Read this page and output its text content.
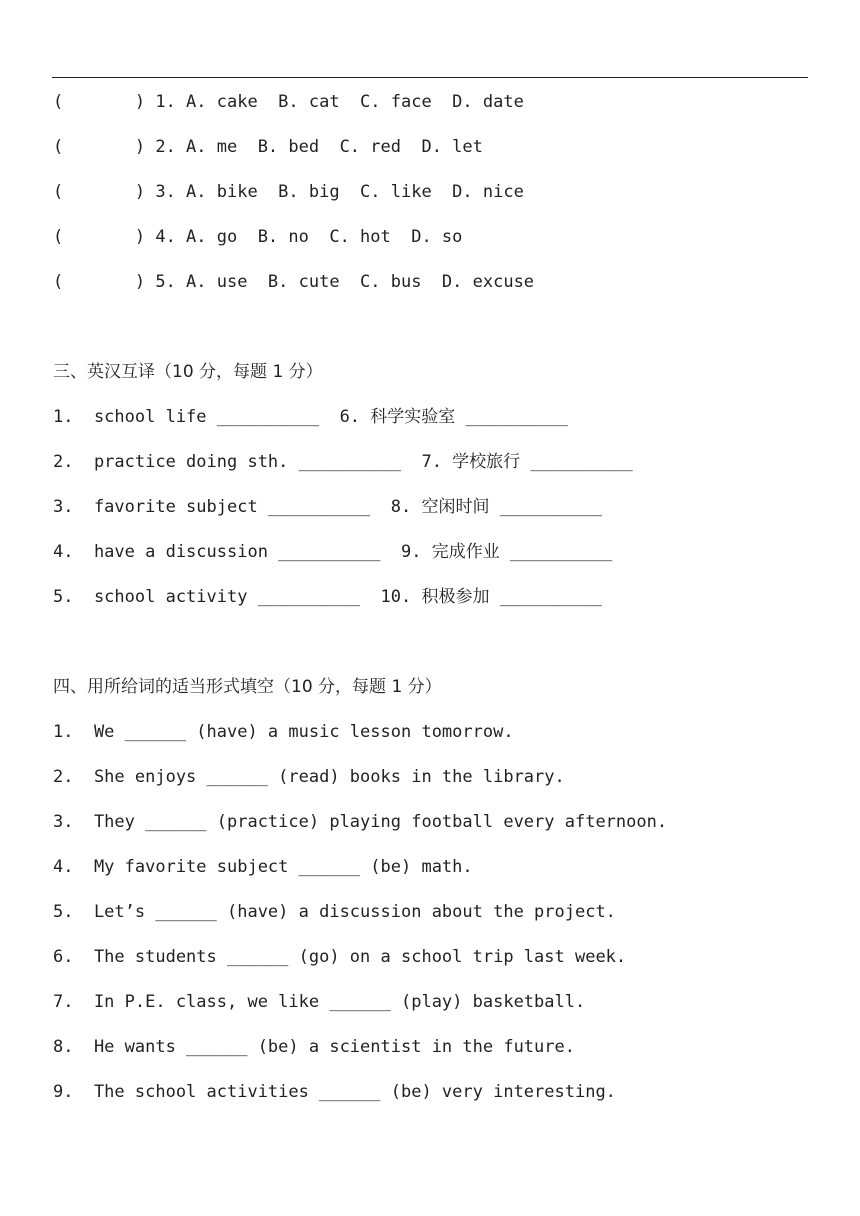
(       ) 1. A. cake  B. cat  C. face  D. date
(       ) 2. A. me  B. bed  C. red  D. let
(       ) 3. A. bike  B. big  C. like  D. nice
(       ) 4. A. go  B. no  C. hot  D. so
(       ) 5. A. use  B. cute  C. bus  D. excuse
三、英汉互译（10 分，每题 1 分）
1.  school life __________  6. 科学实验室 __________
2.  practice doing sth. __________  7. 学校旅行 __________
3.  favorite subject __________  8. 空闲时间 __________
4.  have a discussion __________  9. 完成作业 __________
5.  school activity __________  10. 积极参加 __________
四、用所给词的适当形式填空（10 分，每题 1 分）
1.  We ______ (have) a music lesson tomorrow.
2.  She enjoys ______ (read) books in the library.
3.  They ______ (practice) playing football every afternoon.
4.  My favorite subject ______ (be) math.
5.  Let’s ______ (have) a discussion about the project.
6.  The students ______ (go) on a school trip last week.
7.  In P.E. class, we like ______ (play) basketball.
8.  He wants ______ (be) a scientist in the future.
9.  The school activities ______ (be) very interesting.
